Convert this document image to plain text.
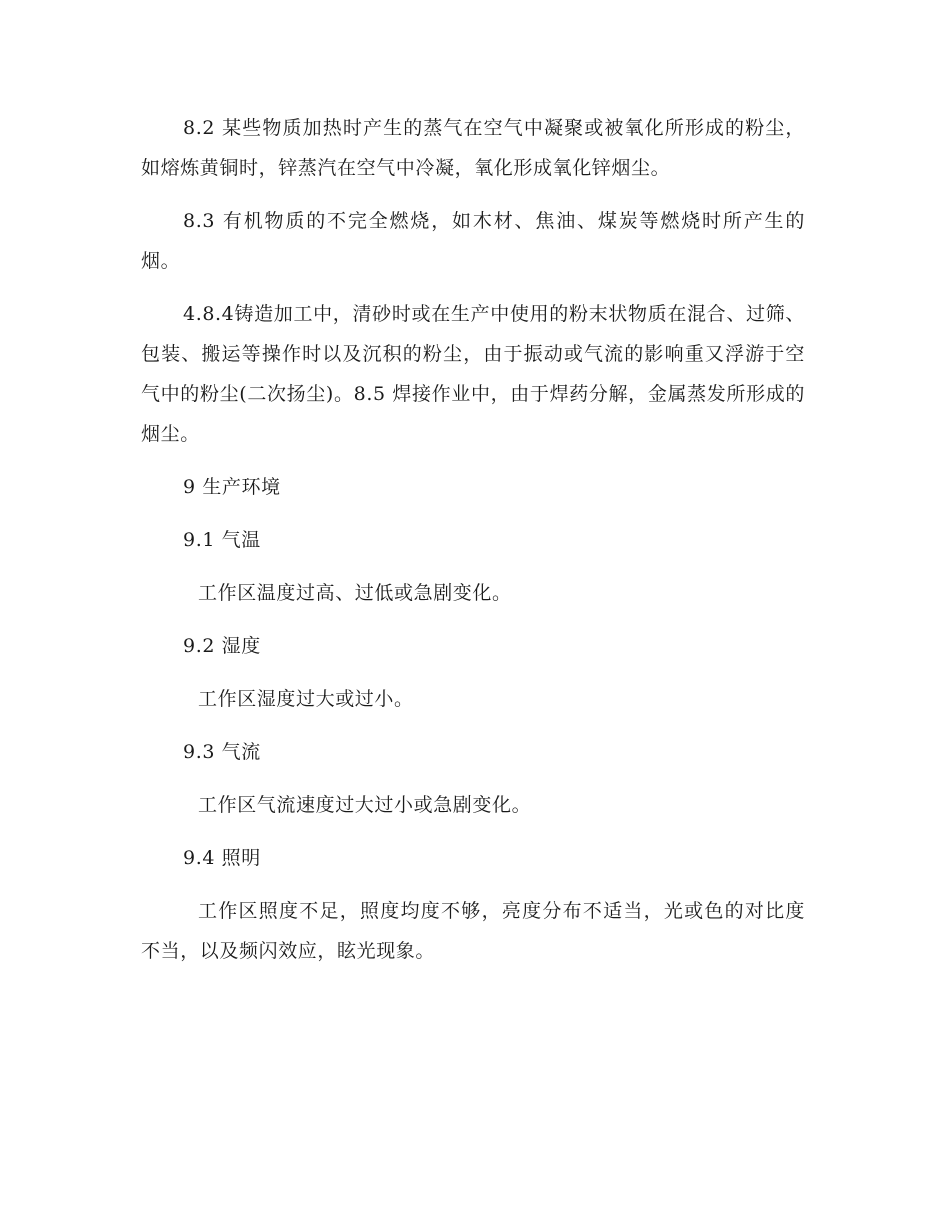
8.2 某些物质加热时产生的蒸气在空气中凝聚或被氧化所形成的粉尘，如熔炼黄铜时，锌蒸汽在空气中冷凝，氧化形成氧化锌烟尘。

8.3 有机物质的不完全燃烧，如木材、焦油、煤炭等燃烧时所产生的烟。

4.8.4铸造加工中，清砂时或在生产中使用的粉末状物质在混合、过筛、包装、搬运等操作时以及沉积的粉尘，由于振动或气流的影响重又浮游于空气中的粉尘(二次扬尘)。8.5 焊接作业中，由于焊药分解，金属蒸发所形成的烟尘。

9 生产环境

9.1 气温

工作区温度过高、过低或急剧变化。

9.2 湿度

工作区湿度过大或过小。

9.3 气流

工作区气流速度过大过小或急剧变化。

9.4 照明

工作区照度不足，照度均度不够，亮度分布不适当，光或色的对比度不当，以及频闪效应，眩光现象。
